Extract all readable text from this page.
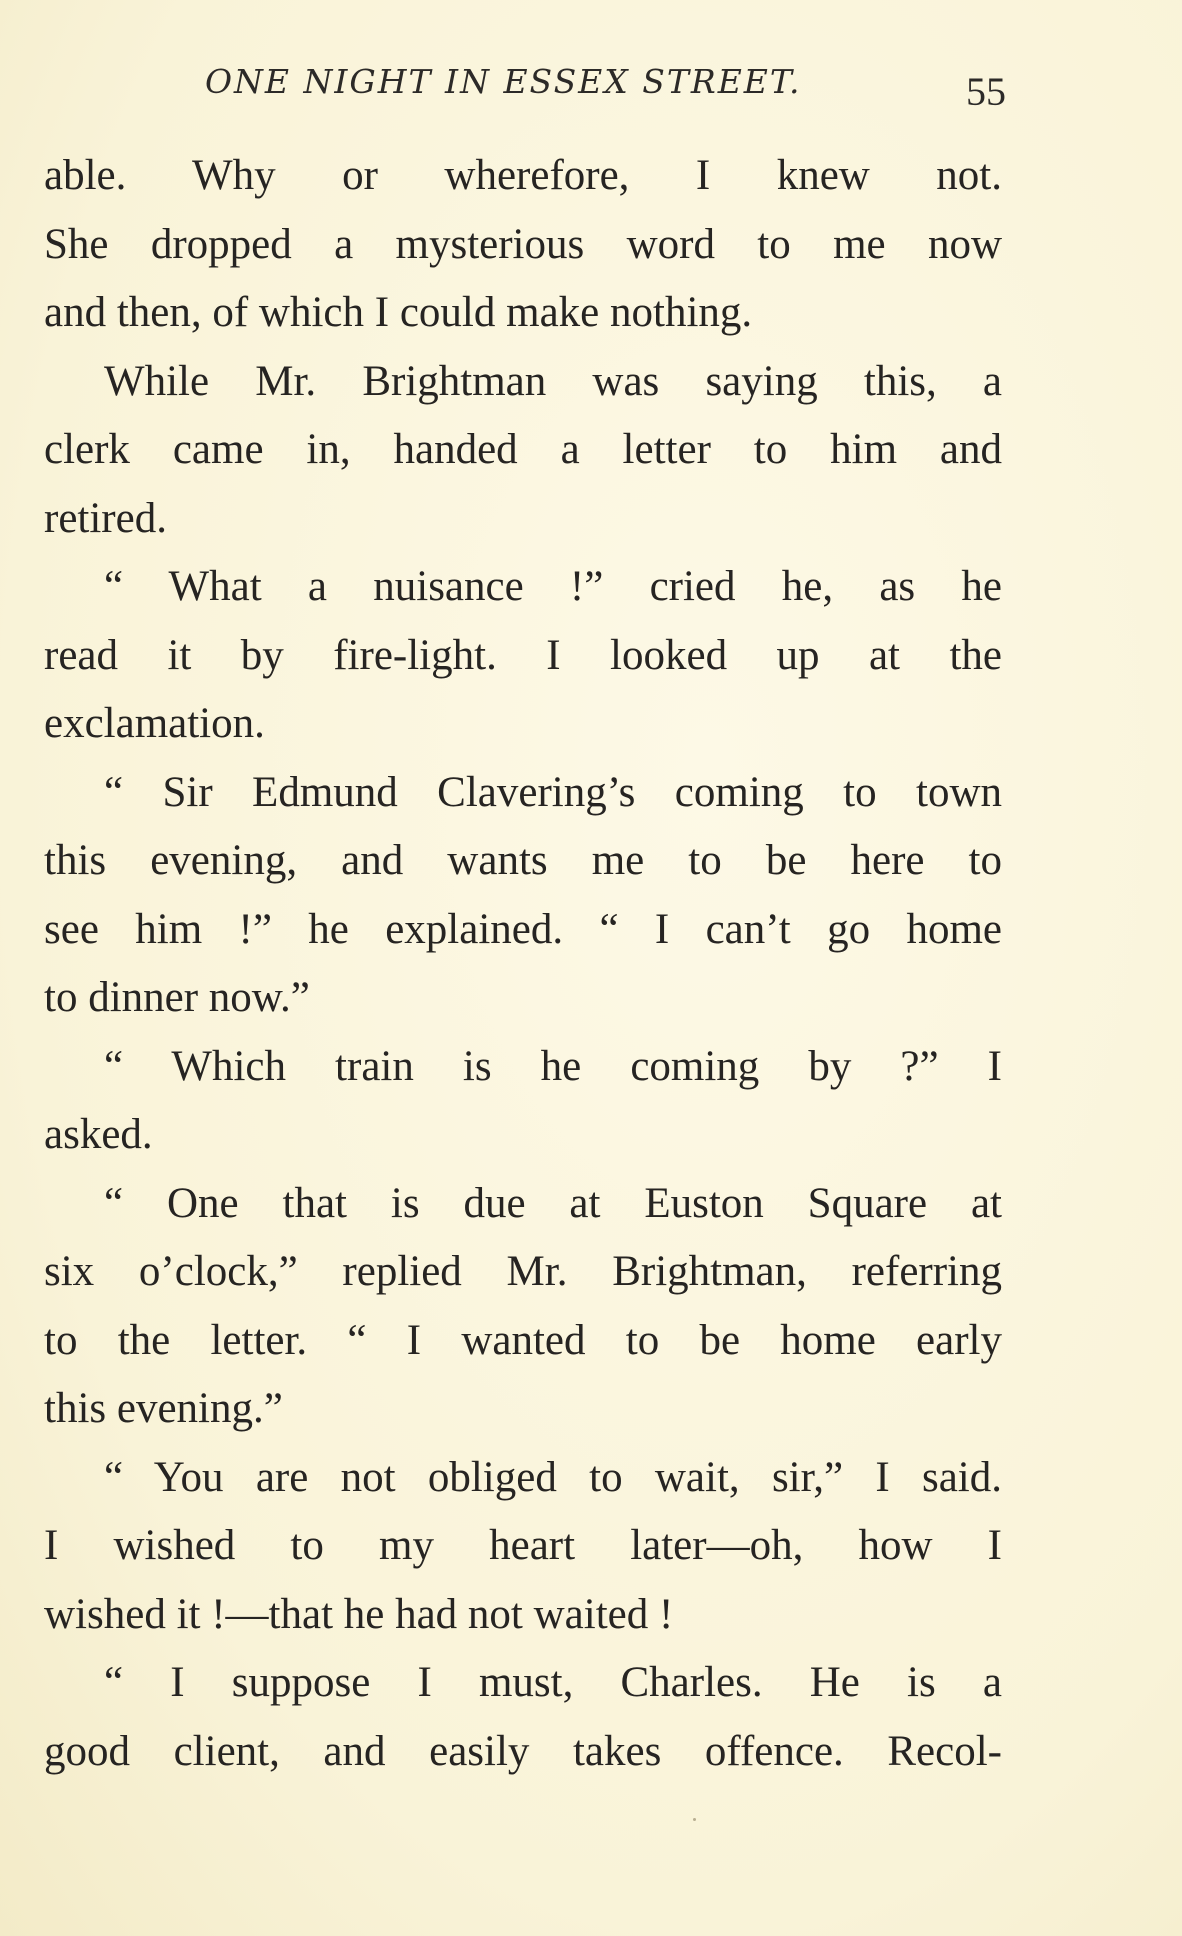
ONE NIGHT IN ESSEX STREET.	55
able. Why or wherefore, I knew not.
She dropped a mysterious word to me now
and then, of which I could make nothing.
While Mr. Brightman was saying this, a
clerk came in, handed a letter to him and
retired.
“ What a nuisance !” cried he, as he
read it by fire-light. I looked up at the
exclamation.
“ Sir Edmund Clavering’s coming to town
this evening, and wants me to be here to
see him !” he explained. “ I can’t go home
to dinner now.”
“ Which train is he coming by ?” I
asked.
“ One that is due at Euston Square at
six o’clock,” replied Mr. Brightman, referring
to the letter. “ I wanted to be home early
this evening.”
“ You are not obliged to wait, sir,” I said.
I wished to my heart later—oh, how I
wished it !—that he had not waited !
“ I suppose I must, Charles. He is a
good client, and easily takes offence. Recol-
